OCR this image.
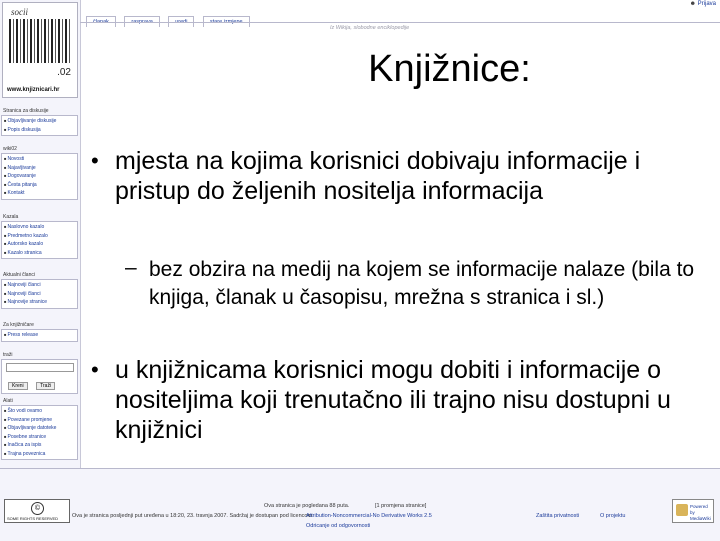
socii
.02
www.knjiznicari.hr
Stranica za diskusije
■ Objavljivanje diskusije
■ Popis diskusija
wiki02
■ Novosti
■ Najavljivanje
■ Dogovaranje
■ Česta pitanja
■ Kontakt
Kazala
■ Naslovno kazalo
■ Predmetno kazalo
■ Autorsko kazalo
■ Kazalo stranica
Aktualni članci
■ Najnoviji članci
■ Najnoviji članci
■ Najnovije stranice
Za knjižničare
■ Press release
traži
Kreni	Traži
Alati
■ Što vodi ovamo
■ Povezane promjene
■ Objavljivanje datoteke
■ Posebne stranice
■ Inačica za ispis
■ Trajna poveznica

☻ Prijava
Iz Wikija, slobodne enciklopedije
Knjižnice:
• mjesta na kojima korisnici dobivaju informacije i pristup do željenih nositelja informacija
– bez obzira na medij na kojem se informacije nalaze (bila to knjiga, članak u časopisu, mrežna s stranica i sl.)
• u knjižnicama korisnici mogu dobiti i informacije o nositeljima koji trenutačno ili trajno nisu dostupni u knjižnici
©
SOME RIGHTS RESERVED
Ova stranica je pogledana 88 puta.	[1 promjena stranice]
Ova je stranica posljednji put uređena u 18:20, 23. travnja 2007. Sadržaj je dostupan pod licencom
Attribution-Noncommercial-No Derivative Works 2.5	Zaštita privatnosti	O projektu
Odricanje od odgovornosti
Powered by MediaWiki
